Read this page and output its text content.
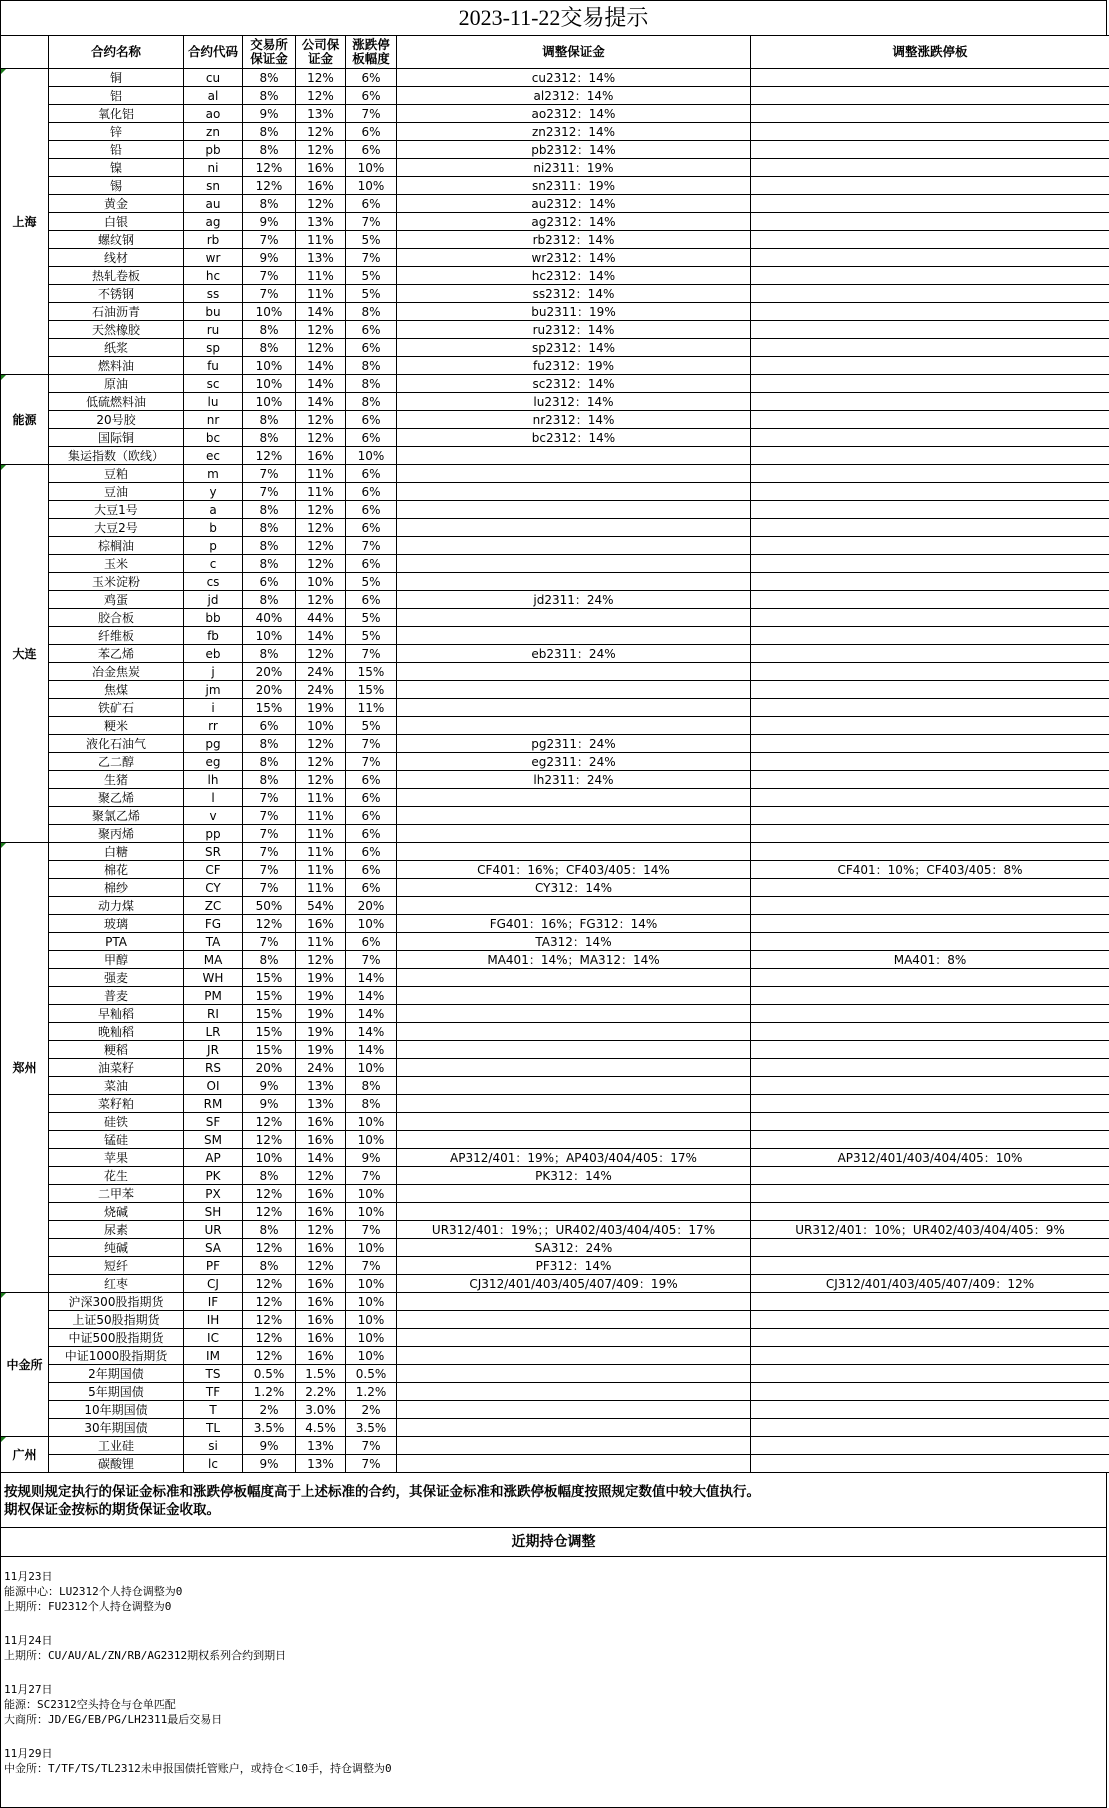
2023-11-22交易提示
	合约名称	合约代码	交易所保证金	公司保证金	涨跌停板幅度	调整保证金	调整涨跌停板
上海	铜	cu	8%	12%	6%	cu2312：14%	
	铝	al	8%	12%	6%	al2312：14%	
	氧化铝	ao	9%	13%	7%	ao2312：14%	
	锌	zn	8%	12%	6%	zn2312：14%	
	铅	pb	8%	12%	6%	pb2312：14%	
	镍	ni	12%	16%	10%	ni2311：19%	
	锡	sn	12%	16%	10%	sn2311：19%	
	黄金	au	8%	12%	6%	au2312：14%	
	白银	ag	9%	13%	7%	ag2312：14%	
	螺纹钢	rb	7%	11%	5%	rb2312：14%	
	线材	wr	9%	13%	7%	wr2312：14%	
	热轧卷板	hc	7%	11%	5%	hc2312：14%	
	不锈钢	ss	7%	11%	5%	ss2312：14%	
	石油沥青	bu	10%	14%	8%	bu2311：19%	
	天然橡胶	ru	8%	12%	6%	ru2312：14%	
	纸浆	sp	8%	12%	6%	sp2312：14%	
	燃料油	fu	10%	14%	8%	fu2312：19%	
能源	原油	sc	10%	14%	8%	sc2312：14%	
	低硫燃料油	lu	10%	14%	8%	lu2312：14%	
	20号胶	nr	8%	12%	6%	nr2312：14%	
	国际铜	bc	8%	12%	6%	bc2312：14%	
	集运指数（欧线）	ec	12%	16%	10%		
大连	豆粕	m	7%	11%	6%		
	豆油	y	7%	11%	6%		
	大豆1号	a	8%	12%	6%		
	大豆2号	b	8%	12%	6%		
	棕榈油	p	8%	12%	7%		
	玉米	c	8%	12%	6%		
	玉米淀粉	cs	6%	10%	5%		
	鸡蛋	jd	8%	12%	6%	jd2311：24%	
	胶合板	bb	40%	44%	5%		
	纤维板	fb	10%	14%	5%		
	苯乙烯	eb	8%	12%	7%	eb2311：24%	
	冶金焦炭	j	20%	24%	15%		
	焦煤	jm	20%	24%	15%		
	铁矿石	i	15%	19%	11%		
	粳米	rr	6%	10%	5%		
	液化石油气	pg	8%	12%	7%	pg2311：24%	
	乙二醇	eg	8%	12%	7%	eg2311：24%	
	生猪	lh	8%	12%	6%	lh2311：24%	
	聚乙烯	l	7%	11%	6%		
	聚氯乙烯	v	7%	11%	6%		
	聚丙烯	pp	7%	11%	6%		
郑州	白糖	SR	7%	11%	6%		
	棉花	CF	7%	11%	6%	CF401：16%；CF403/405：14%	CF401：10%；CF403/405：8%
	棉纱	CY	7%	11%	6%	CY312：14%	
	动力煤	ZC	50%	54%	20%		
	玻璃	FG	12%	16%	10%	FG401：16%；FG312：14%	
	PTA	TA	7%	11%	6%	TA312：14%	
	甲醇	MA	8%	12%	7%	MA401：14%；MA312：14%	MA401：8%
	强麦	WH	15%	19%	14%		
	普麦	PM	15%	19%	14%		
	早籼稻	RI	15%	19%	14%		
	晚籼稻	LR	15%	19%	14%		
	粳稻	JR	15%	19%	14%		
	油菜籽	RS	20%	24%	10%		
	菜油	OI	9%	13%	8%		
	菜籽粕	RM	9%	13%	8%		
	硅铁	SF	12%	16%	10%		
	锰硅	SM	12%	16%	10%		
	苹果	AP	10%	14%	9%	AP312/401：19%；AP403/404/405：17%	AP312/401/403/404/405：10%
	花生	PK	8%	12%	7%	PK312：14%	
	二甲苯	PX	12%	16%	10%		
	烧碱	SH	12%	16%	10%		
	尿素	UR	8%	12%	7%	UR312/401：19%；；UR402/403/404/405：17%	UR312/401：10%；UR402/403/404/405：9%
	纯碱	SA	12%	16%	10%	SA312：24%	
	短纤	PF	8%	12%	7%	PF312：14%	
	红枣	CJ	12%	16%	10%	CJ312/401/403/405/407/409：19%	CJ312/401/403/405/407/409：12%
中金所	沪深300股指期货	IF	12%	16%	10%		
	上证50股指期货	IH	12%	16%	10%		
	中证500股指期货	IC	12%	16%	10%		
	中证1000股指期货	IM	12%	16%	10%		
	2年期国债	TS	0.5%	1.5%	0.5%		
	5年期国债	TF	1.2%	2.2%	1.2%		
	10年期国债	T	2%	3.0%	2%		
	30年期国债	TL	3.5%	4.5%	3.5%		
广州	工业硅	si	9%	13%	7%		
	碳酸锂	lc	9%	13%	7%		
按规则规定执行的保证金标准和涨跌停板幅度高于上述标准的合约，其保证金标准和涨跌停板幅度按照规定数值中较大值执行。
期权保证金按标的期货保证金收取。
近期持仓调整
11月23日
能源中心：LU2312个人持仓调整为0
上期所：FU2312个人持仓调整为0
11月24日
上期所：CU/AU/AL/ZN/RB/AG2312期权系列合约到期日
11月27日
能源：SC2312空头持仓与仓单匹配
大商所：JD/EG/EB/PG/LH2311最后交易日
11月29日
中金所：T/TF/TS/TL2312未申报国债托管账户，或持仓＜10手，持仓调整为0
